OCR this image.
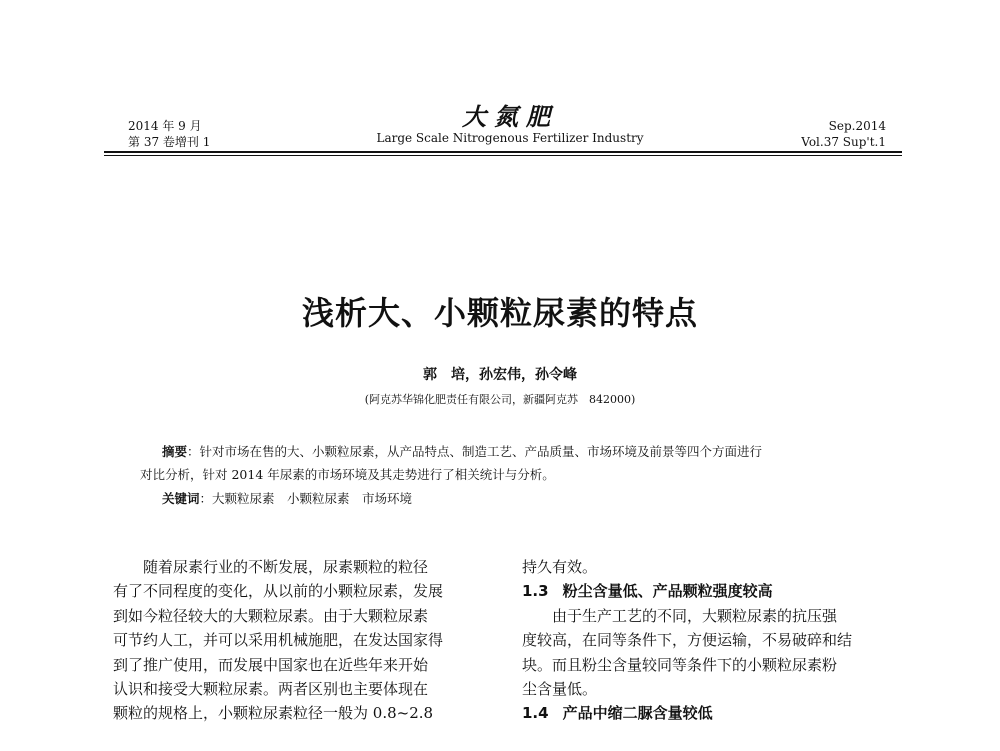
2014 年 9 月
第 37 卷增刊 1
大氮肥
Large Scale Nitrogenous Fertilizer Industry
Sep.2014
Vol.37 Sup't.1
浅析大、小颗粒尿素的特点
郭　培，孙宏伟，孙令峰
(阿克苏华锦化肥责任有限公司，新疆阿克苏　842000)
摘要：针对市场在售的大、小颗粒尿素，从产品特点、制造工艺、产品质量、市场环境及前景等四个方面进行
对比分析，针对 2014 年尿素的市场环境及其走势进行了相关统计与分析。
关键词：大颗粒尿素　小颗粒尿素　市场环境
随着尿素行业的不断发展，尿素颗粒的粒径
有了不同程度的变化，从以前的小颗粒尿素，发展
到如今粒径较大的大颗粒尿素。由于大颗粒尿素
可节约人工，并可以采用机械施肥，在发达国家得
到了推广使用，而发展中国家也在近些年来开始
认识和接受大颗粒尿素。两者区别也主要体现在
颗粒的规格上，小颗粒尿素粒径一般为 0.8~2.8
持久有效。
1.3 粉尘含量低、产品颗粒强度较高
由于生产工艺的不同，大颗粒尿素的抗压强
度较高，在同等条件下，方便运输，不易破碎和结
块。而且粉尘含量较同等条件下的小颗粒尿素粉
尘含量低。
1.4 产品中缩二脲含量较低
